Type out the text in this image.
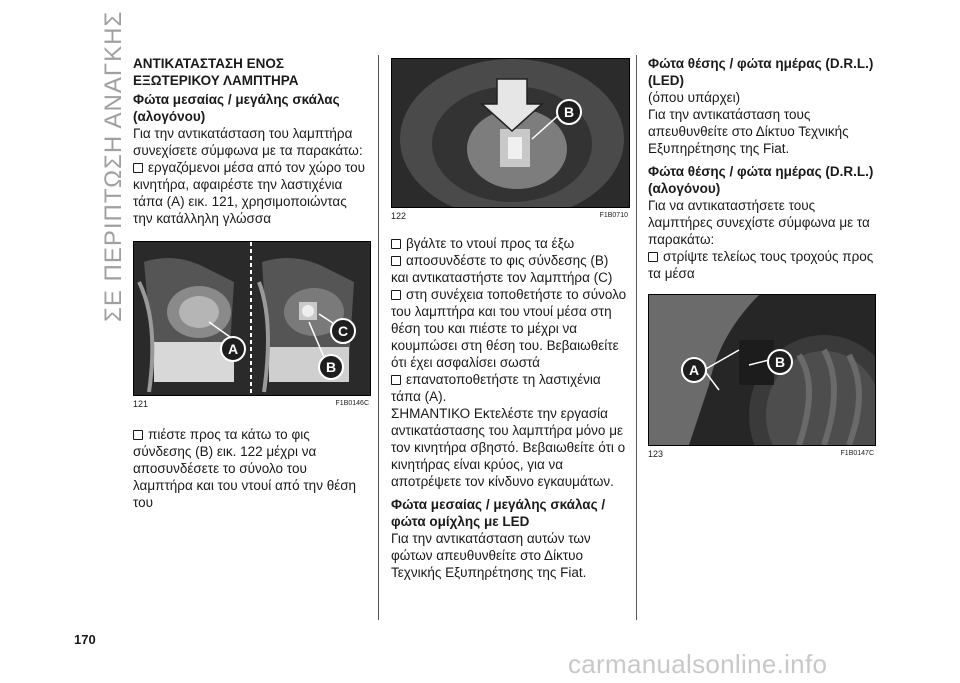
ΣΕ ΠΕΡΙΠΤΩΣΗ ΑΝΑΓΚΗΣ ΑΝΤΙΚΑΤΑΣΤΑΣΗ ΕΝΟΣ ΕΞΩΤΕΡΙΚΟΥ ΛΑΜΠΤΗΡΑ

Φώτα μεσαίας / μεγάλης σκάλας (αλογόνου)

Για την αντικατάσταση του λαμπτήρα συνεχίσετε σύμφωνα με τα παρακάτω:

εργαζόμενοι μέσα από τον χώρο του κινητήρα, αφαιρέστε την λαστιχένια τάπα (A) εικ. 121, χρησιμοποιώντας την κατάλληλη γλώσσα

A
C
B
121	F1B0146C

πιέστε προς τα κάτω το φις σύνδεσης (B) εικ. 122 μέχρι να αποσυνδέσετε το σύνολο του λαμπτήρα και του ντουί από την θέση του

B
122	F1B0710

βγάλτε το ντουί προς τα έξω

αποσυνδέστε το φις σύνδεσης (B) και αντικαταστήστε τον λαμπτήρα (C)

στη συνέχεια τοποθετήστε το σύνολο του λαμπτήρα και του ντουί μέσα στη θέση του και πιέστε το μέχρι να κουμπώσει στη θέση του. Βεβαιωθείτε ότι έχει ασφαλίσει σωστά

επανατοποθετήστε τη λαστιχένια τάπα (A).

ΣΗΜΑΝΤΙΚΟ Εκτελέστε την εργασία αντικατάστασης του λαμπτήρα μόνο με τον κινητήρα σβηστό. Βεβαιωθείτε ότι ο κινητήρας είναι κρύος, για να αποτρέψετε τον κίνδυνο εγκαυμάτων.

Φώτα μεσαίας / μεγάλης σκάλας / φώτα ομίχλης με LED

Για την αντικατάσταση αυτών των φώτων απευθυνθείτε στο Δίκτυο Τεχνικής Εξυπηρέτησης της Fiat.

Φώτα θέσης / φώτα ημέρας (D.R.L.) (LED)

(όπου υπάρχει)

Για την αντικατάσταση τους απευθυνθείτε στο Δίκτυο Τεχνικής Εξυπηρέτησης της Fiat.

Φώτα θέσης / φώτα ημέρας (D.R.L.) (αλογόνου)

Για να αντικαταστήσετε τους λαμπτήρες συνεχίστε σύμφωνα με τα παρακάτω:

στρίψτε τελείως τους τροχούς προς τα μέσα

A	B
123	F1B0147C
170
carmanualsonline.info
